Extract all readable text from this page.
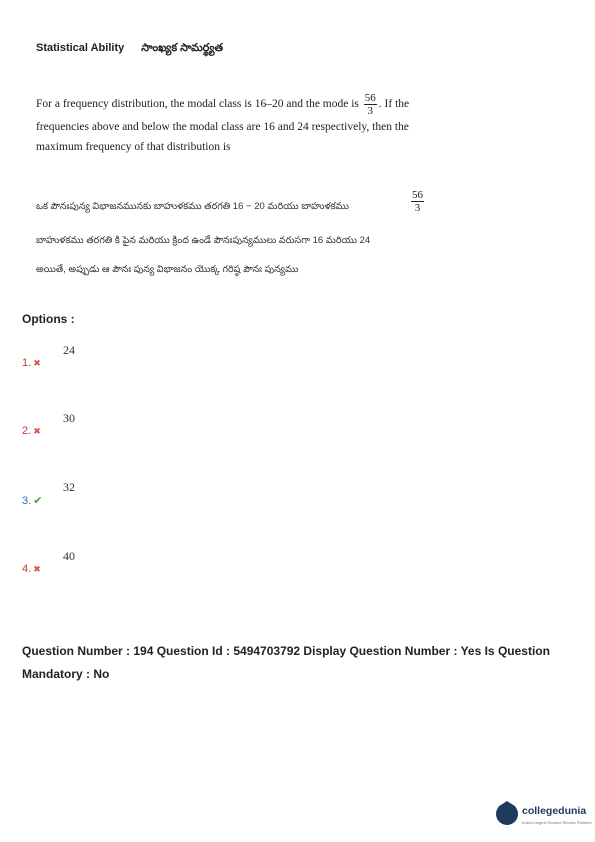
Statistical Ability సాంఖ్యక సామర్థ్యత
For a frequency distribution, the modal class is 16–20 and the mode is $\frac{56}{3}$ . If the frequencies above and below the modal class are 16 and 24 respectively, then the maximum frequency of that distribution is
ఒక పౌనఃపున్య విభాజనమునకు బాహుళకము తరగతి 16 − 20 మరియు బాహుళకము	$\frac{56}{3}$
బాహుళకము తరగతి కి పైన మరియు క్రింద ఉండే పౌనఃపున్యములు వరుసగా 16 మరియు 24
అయితే, అప్పుడు ఆ పౌనః పున్య విభాజనం యొక్క గరిష్ఠ పౌనః పున్యము
Options :
24
1. ✖
30
2. ✖
32
3. ✔
40
4. ✖
Question Number : 194 Question Id : 5494703792 Display Question Number : Yes Is Question Mandatory : No
collegedunia
India's largest Student Review Platform
